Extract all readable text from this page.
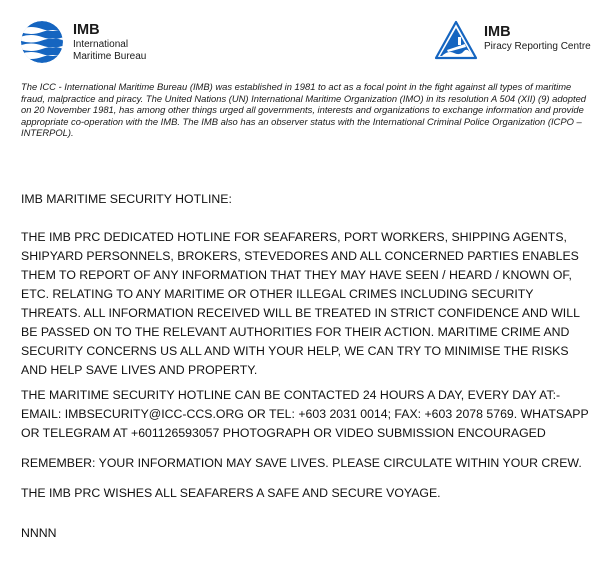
IMB
International
Maritime Bureau
IMB
Piracy Reporting Centre
The ICC - International Maritime Bureau (IMB) was established in 1981 to act as a focal point in the fight against all types of maritime fraud, malpractice and piracy. The United Nations (UN) International Maritime Organization (IMO) in its resolution A 504 (XII) (9) adopted on 20 November 1981, has among other things urged all governments, interests and organizations to exchange information and provide appropriate co-operation with the IMB. The IMB also has an observer status with the International Criminal Police Organization (ICPO – INTERPOL).

IMB MARITIME SECURITY HOTLINE:

THE IMB PRC DEDICATED HOTLINE FOR SEAFARERS, PORT WORKERS, SHIPPING AGENTS, SHIPYARD PERSONNELS, BROKERS, STEVEDORES AND ALL CONCERNED PARTIES ENABLES THEM TO REPORT OF ANY INFORMATION THAT THEY MAY HAVE SEEN / HEARD / KNOWN OF, ETC. RELATING TO ANY MARITIME OR OTHER ILLEGAL CRIMES INCLUDING SECURITY THREATS. ALL INFORMATION RECEIVED WILL BE TREATED IN STRICT CONFIDENCE AND WILL BE PASSED ON TO THE RELEVANT AUTHORITIES FOR THEIR ACTION. MARITIME CRIME AND SECURITY CONCERNS US ALL AND WITH YOUR HELP, WE CAN TRY TO MINIMISE THE RISKS AND HELP SAVE LIVES AND PROPERTY.

THE MARITIME SECURITY HOTLINE CAN BE CONTACTED 24 HOURS A DAY, EVERY DAY AT:- EMAIL: IMBSECURITY@ICC-CCS.ORG OR TEL: +603 2031 0014; FAX: +603 2078 5769. WHATSAPP OR TELEGRAM AT +601126593057 PHOTOGRAPH OR VIDEO SUBMISSION ENCOURAGED

REMEMBER: YOUR INFORMATION MAY SAVE LIVES. PLEASE CIRCULATE WITHIN YOUR CREW.

THE IMB PRC WISHES ALL SEAFARERS A SAFE AND SECURE VOYAGE.

NNNN
